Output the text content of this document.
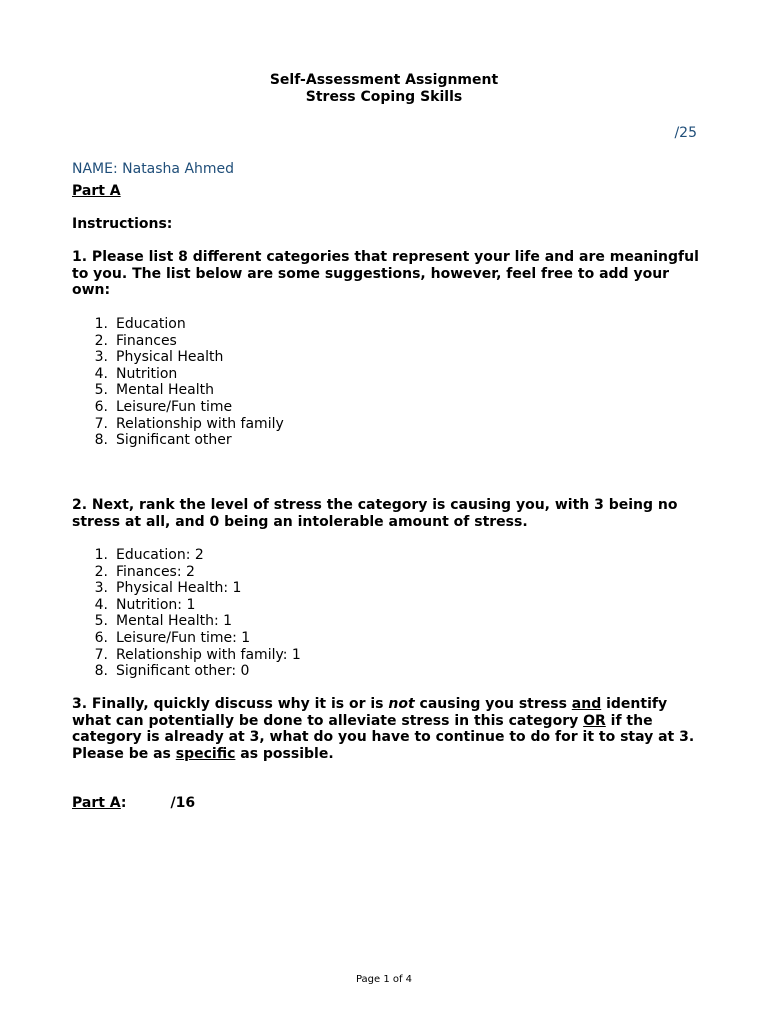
Self-Assessment Assignment
Stress Coping Skills
/25
NAME: Natasha Ahmed
Part A
Instructions:
1. Please list 8 different categories that represent your life and are meaningful to you. The list below are some suggestions, however, feel free to add your own:
1. Education
2. Finances
3. Physical Health
4. Nutrition
5. Mental Health
6. Leisure/Fun time
7. Relationship with family
8. Significant other
2. Next, rank the level of stress the category is causing you, with 3 being no stress at all, and 0 being an intolerable amount of stress.
1. Education: 2
2. Finances: 2
3. Physical Health: 1
4. Nutrition: 1
5. Mental Health: 1
6. Leisure/Fun time: 1
7. Relationship with family: 1
8. Significant other: 0
3. Finally, quickly discuss why it is or is not causing you stress and identify what can potentially be done to alleviate stress in this category OR if the category is already at 3, what do you have to continue to do for it to stay at 3. Please be as specific as possible.
Part A:	/16
Page 1 of 4
